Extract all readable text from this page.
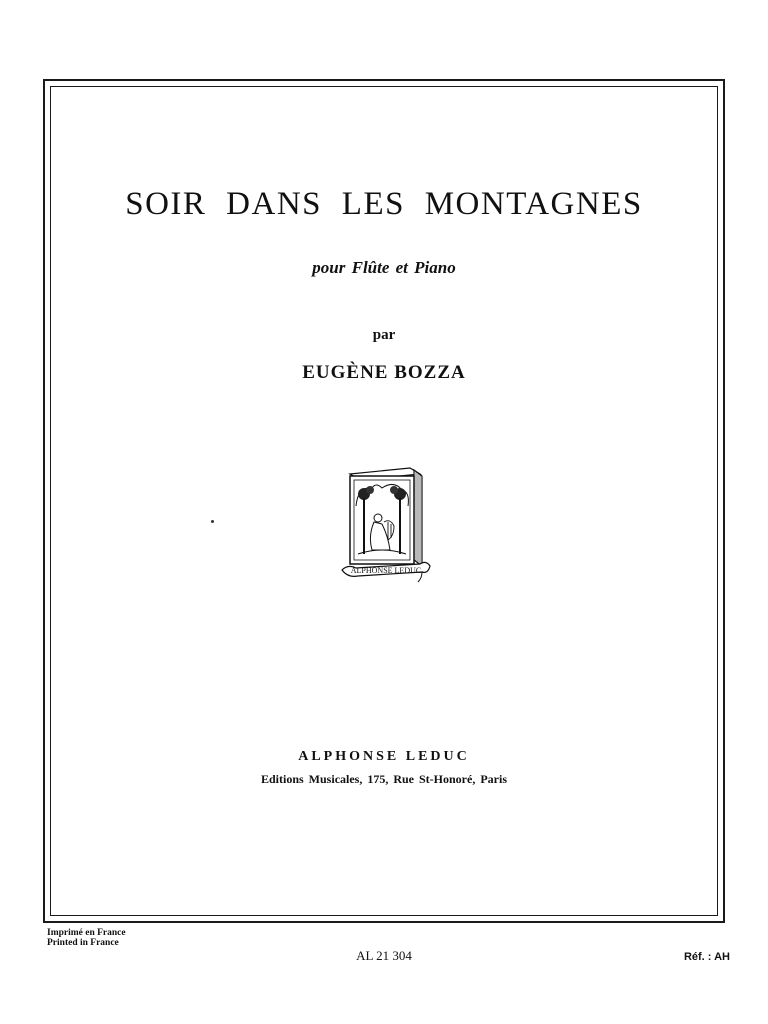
SOIR DANS LES MONTAGNES
pour Flûte et Piano
par
EUGÈNE BOZZA
ALPHONSE LEDUC
ALPHONSE LEDUC
Editions Musicales, 175, Rue St-Honoré, Paris
Imprimé en France
Printed in France
AL 21 304	Réf. : AH
